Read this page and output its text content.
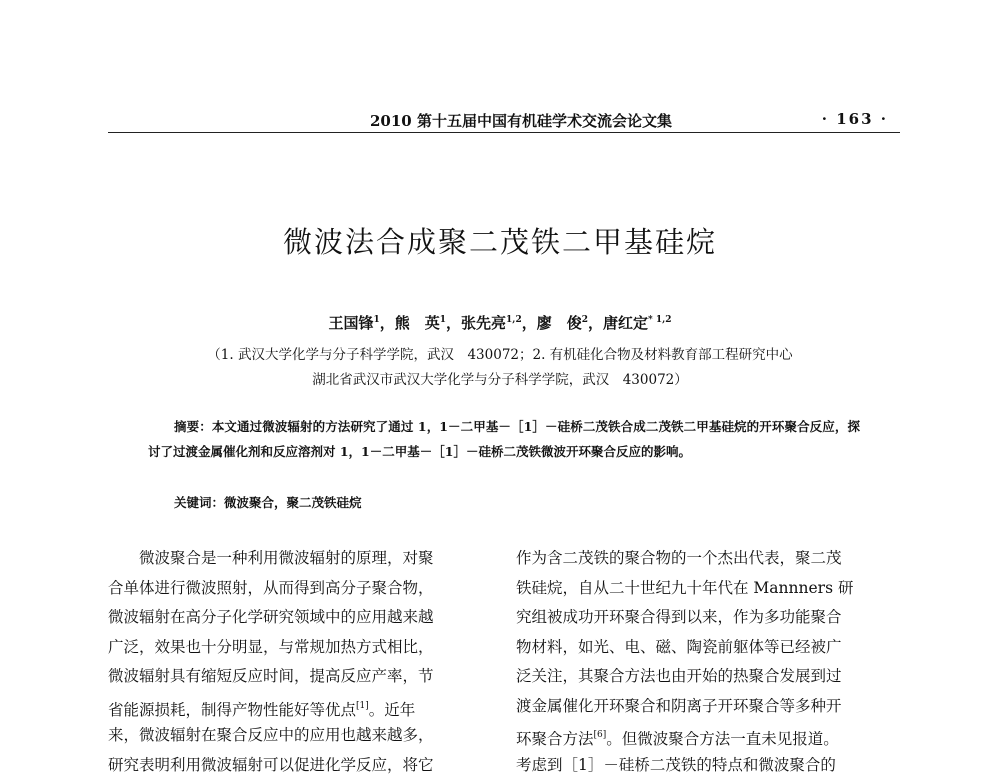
2010 第十五届中国有机硅学术交流会论文集	· 163 ·
微波法合成聚二茂铁二甲基硅烷
王国锋$^1$，熊　英$^1$，张先亮$^{1,2}$，廖　俊$^2$，唐红定$^{* 1,2}$
（1. 武汉大学化学与分子科学学院，武汉　430072；2. 有机硅化合物及材料教育部工程研究中心
湖北省武汉市武汉大学化学与分子科学学院，武汉　430072）
摘要：本文通过微波辐射的方法研究了通过 1，1－二甲基－［1］－硅桥二茂铁合成二茂铁二甲基硅烷的开环聚合反应，探讨了过渡金属催化剂和反应溶剂对 1，1－二甲基－［1］－硅桥二茂铁微波开环聚合反应的影响。
关键词：微波聚合，聚二茂铁硅烷
微波聚合是一种利用微波辐射的原理，对聚
合单体进行微波照射，从而得到高分子聚合物，
微波辐射在高分子化学研究领域中的应用越来越
广泛，效果也十分明显，与常规加热方式相比，
微波辐射具有缩短反应时间，提高反应产率，节
省能源损耗，制得产物性能好等优点[1]。近年
来，微波辐射在聚合反应中的应用也越来越多，
研究表明利用微波辐射可以促进化学反应，将它
作为含二茂铁的聚合物的一个杰出代表，聚二茂
铁硅烷，自从二十世纪九十年代在 Mannners 研
究组被成功开环聚合得到以来，作为多功能聚合
物材料，如光、电、磁、陶瓷前躯体等已经被广
泛关注，其聚合方法也由开始的热聚合发展到过
渡金属催化开环聚合和阴离子开环聚合等多种开
环聚合方法[6]。但微波聚合方法一直未见报道。
考虑到［1］－硅桥二茂铁的特点和微波聚合的
